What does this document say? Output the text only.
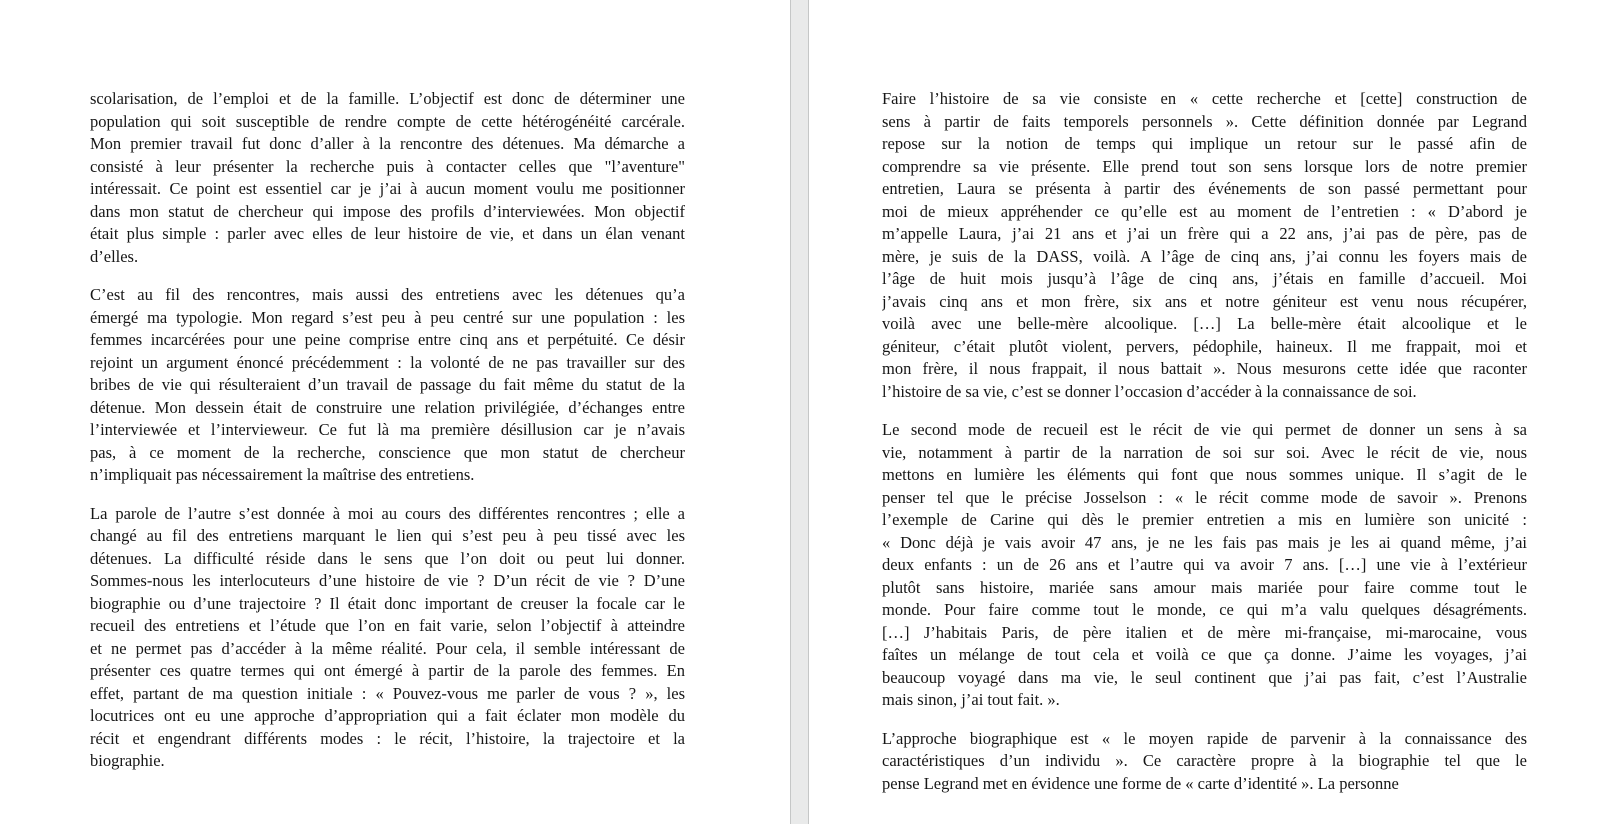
scolarisation, de l’emploi et de la famille. L’objectif est donc de déterminer une
population qui soit susceptible de rendre compte de cette hétérogénéité carcérale.
Mon premier travail fut donc d’aller à la rencontre des détenues. Ma démarche a
consisté à leur présenter la recherche puis à contacter celles que "l’aventure"
intéressait. Ce point est essentiel car je j’ai à aucun moment voulu me positionner
dans mon statut de chercheur qui impose des profils d’interviewées. Mon objectif
était plus simple : parler avec elles de leur histoire de vie, et dans un élan venant
d’elles.
C’est au fil des rencontres, mais aussi des entretiens avec les détenues qu’a
émergé ma typologie. Mon regard s’est peu à peu centré sur une population : les
femmes incarcérées pour une peine comprise entre cinq ans et perpétuité. Ce désir
rejoint un argument énoncé précédemment : la volonté de ne pas travailler sur des
bribes de vie qui résulteraient d’un travail de passage du fait même du statut de la
détenue. Mon dessein était de construire une relation privilégiée, d’échanges entre
l’interviewée et l’intervieweur. Ce fut là ma première désillusion car je n’avais
pas, à ce moment de la recherche, conscience que mon statut de chercheur
n’impliquait pas nécessairement la maîtrise des entretiens.
La parole de l’autre s’est donnée à moi au cours des différentes rencontres ; elle a
changé au fil des entretiens marquant le lien qui s’est peu à peu tissé avec les
détenues. La difficulté réside dans le sens que l’on doit ou peut lui donner.
Sommes-nous les interlocuteurs d’une histoire de vie ? D’un récit de vie ? D’une
biographie ou d’une trajectoire ? Il était donc important de creuser la focale car le
recueil des entretiens et l’étude que l’on en fait varie, selon l’objectif à atteindre
et ne permet pas d’accéder à la même réalité. Pour cela, il semble intéressant de
présenter ces quatre termes qui ont émergé à partir de la parole des femmes. En
effet, partant de ma question initiale : « Pouvez-vous me parler de vous ? », les
locutrices ont eu une approche d’appropriation qui a fait éclater mon modèle du
récit et engendrant différents modes : le récit, l’histoire, la trajectoire et la
biographie.
Faire l’histoire de sa vie consiste en « cette recherche et [cette] construction de
sens à partir de faits temporels personnels ». Cette définition donnée par Legrand
repose sur la notion de temps qui implique un retour sur le passé afin de
comprendre sa vie présente. Elle prend tout son sens lorsque lors de notre premier
entretien, Laura se présenta à partir des événements de son passé permettant pour
moi de mieux appréhender ce qu’elle est au moment de l’entretien : « D’abord je
m’appelle Laura, j’ai 21 ans et j’ai un frère qui a 22 ans, j’ai pas de père, pas de
mère, je suis de la DASS, voilà. A l’âge de cinq ans, j’ai connu les foyers mais de
l’âge de huit mois jusqu’à l’âge de cinq ans, j’étais en famille d’accueil. Moi
j’avais cinq ans et mon frère, six ans et notre géniteur est venu nous récupérer,
voilà avec une belle-mère alcoolique. […] La belle-mère était alcoolique et le
géniteur, c’était plutôt violent, pervers, pédophile, haineux. Il me frappait, moi et
mon frère, il nous frappait, il nous battait ». Nous mesurons cette idée que raconter
l’histoire de sa vie, c’est se donner l’occasion d’accéder à la connaissance de soi.
Le second mode de recueil est le récit de vie qui permet de donner un sens à sa
vie, notamment à partir de la narration de soi sur soi. Avec le récit de vie, nous
mettons en lumière les éléments qui font que nous sommes unique. Il s’agit de le
penser tel que le précise Josselson : « le récit comme mode de savoir ». Prenons
l’exemple de Carine qui dès le premier entretien a mis en lumière son unicité :
« Donc déjà je vais avoir 47 ans, je ne les fais pas mais je les ai quand même, j’ai
deux enfants : un de 26 ans et l’autre qui va avoir 7 ans. […] une vie à l’extérieur
plutôt sans histoire, mariée sans amour mais mariée pour faire comme tout le
monde. Pour faire comme tout le monde, ce qui m’a valu quelques désagréments.
[…] J’habitais Paris, de père italien et de mère mi-française, mi-marocaine, vous
faîtes un mélange de tout cela et voilà ce que ça donne. J’aime les voyages, j’ai
beaucoup voyagé dans ma vie, le seul continent que j’ai pas fait, c’est l’Australie
mais sinon, j’ai tout fait. ».
L’approche biographique est « le moyen rapide de parvenir à la connaissance des
caractéristiques d’un individu ». Ce caractère propre à la biographie tel que le
pense Legrand met en évidence une forme de « carte d’identité ». La personne
